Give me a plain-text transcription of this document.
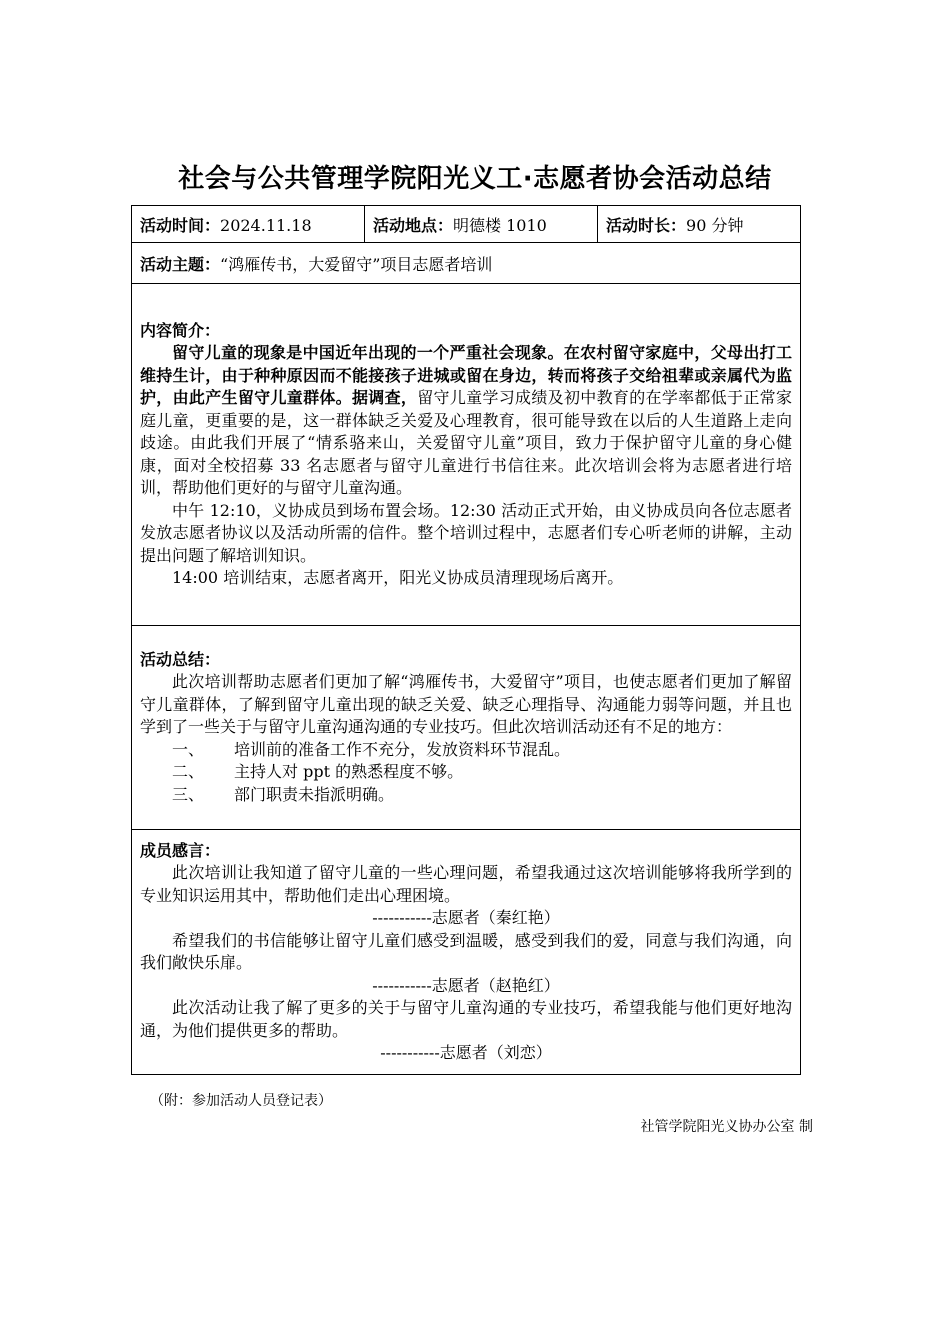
社会与公共管理学院阳光义工·志愿者协会活动总结
活动时间：2024.11.18	活动地点：明德楼 1010	活动时长：90 分钟
活动主题：“鸿雁传书，大爱留守”项目志愿者培训

内容简介：

留守儿童的现象是中国近年出现的一个严重社会现象。在农村留守家庭中，父母出打工维持生计，由于种种原因而不能接孩子进城或留在身边，转而将孩子交给祖辈或亲属代为监护，由此产生留守儿童群体。据调查，留守儿童学习成绩及初中教育的在学率都低于正常家庭儿童，更重要的是，这一群体缺乏关爱及心理教育，很可能导致在以后的人生道路上走向歧途。由此我们开展了“情系骆来山，关爱留守儿童”项目，致力于保护留守儿童的身心健康，面对全校招募 33 名志愿者与留守儿童进行书信往来。此次培训会将为志愿者进行培训，帮助他们更好的与留守儿童沟通。

中午 12:10，义协成员到场布置会场。12:30 活动正式开始，由义协成员向各位志愿者发放志愿者协议以及活动所需的信件。整个培训过程中，志愿者们专心听老师的讲解，主动提出问题了解培训知识。

14:00 培训结束，志愿者离开，阳光义协成员清理现场后离开。

活动总结：

此次培训帮助志愿者们更加了解“鸿雁传书，大爱留守”项目，也使志愿者们更加了解留守儿童群体，了解到留守儿童出现的缺乏关爱、缺乏心理指导、沟通能力弱等问题，并且也学到了一些关于与留守儿童沟通沟通的专业技巧。但此次培训活动还有不足的地方：

一、 培训前的准备工作不充分，发放资料环节混乱。

二、 主持人对 ppt 的熟悉程度不够。

三、 部门职责未指派明确。

成员感言：

此次培训让我知道了留守儿童的一些心理问题，希望我通过这次培训能够将我所学到的专业知识运用其中，帮助他们走出心理困境。

-----------志愿者（秦红艳）

希望我们的书信能够让留守儿童们感受到温暖，感受到我们的爱，同意与我们沟通，向我们敞快乐扉。

-----------志愿者（赵艳红）

此次活动让我了解了更多的关于与留守儿童沟通的专业技巧，希望我能与他们更好地沟通，为他们提供更多的帮助。

-----------志愿者（刘恋）

（附：参加活动人员登记表）
社管学院阳光义协办公室 制
